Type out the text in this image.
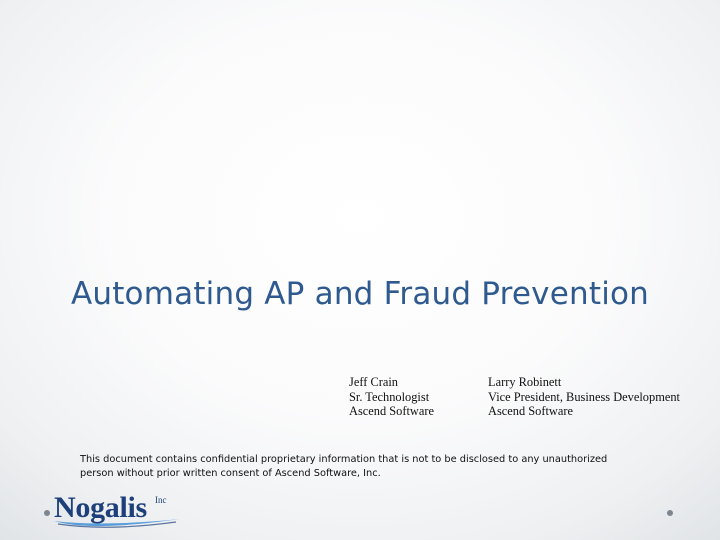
Automating AP and Fraud Prevention
Jeff Crain
Sr. Technologist
Ascend Software
Larry Robinett
Vice President, Business Development
Ascend Software
This document contains confidential proprietary information that is not to be disclosed to any unauthorized person without prior written consent of Ascend Software, Inc.
Nogalis Inc
